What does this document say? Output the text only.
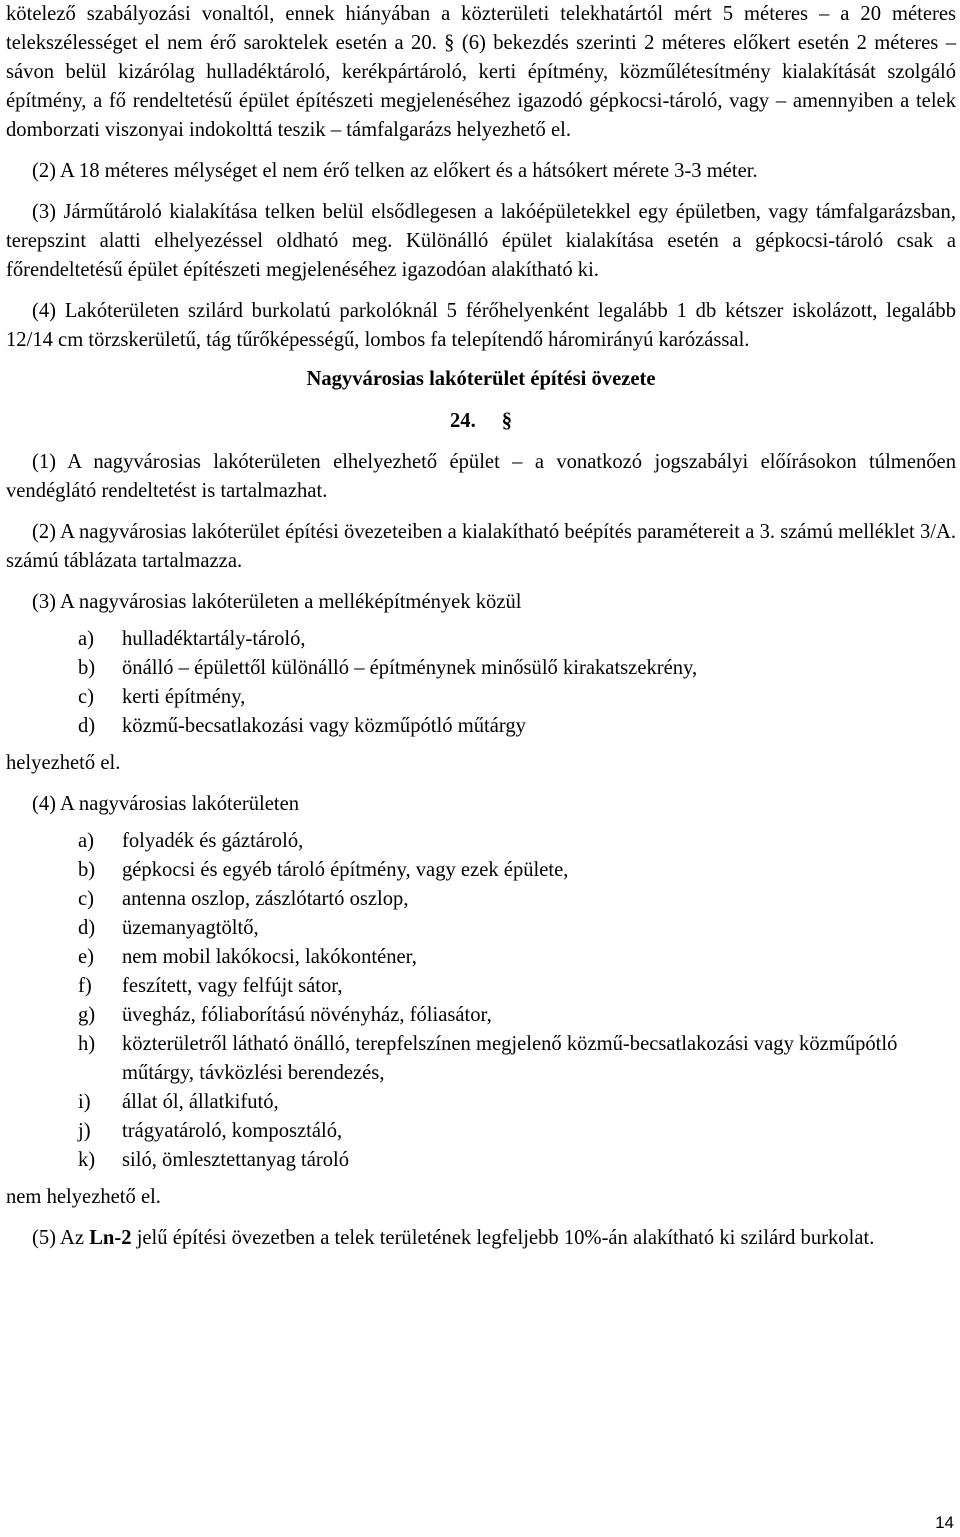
kötelező szabályozási vonaltól, ennek hiányában a közterületi telekhatártól mért 5 méteres – a 20 méteres telekszélességet el nem érő saroktelek esetén a 20. § (6) bekezdés szerinti 2 méteres előkert esetén 2 méteres – sávon belül kizárólag hulladéktároló, kerékpártároló, kerti építmény, közműlétesítmény kialakítását szolgáló építmény, a fő rendeltetésű épület építészeti megjelenéséhez igazodó gépkocsi-tároló, vagy – amennyiben a telek domborzati viszonyai indokolttá teszik – támfalgarázs helyezhető el.

(2) A 18 méteres mélységet el nem érő telken az előkert és a hátsókert mérete 3-3 méter.

(3) Járműtároló kialakítása telken belül elsődlegesen a lakóépületekkel egy épületben, vagy támfalgarázsban, terepszint alatti elhelyezéssel oldható meg. Különálló épület kialakítása esetén a gépkocsi-tároló csak a főrendeltetésű épület építészeti megjelenéséhez igazodóan alakítható ki.

(4) Lakóterületen szilárd burkolatú parkolóknál 5 férőhelyenként legalább 1 db kétszer iskolázott, legalább 12/14 cm törzskerületű, tág tűrőképességű, lombos fa telepítendő háromirányú karózással.

Nagyvárosias lakóterület építési övezete

24. §

(1) A nagyvárosias lakóterületen elhelyezhető épület – a vonatkozó jogszabályi előírásokon túlmenően vendéglátó rendeltetést is tartalmazhat.

(2) A nagyvárosias lakóterület építési övezeteiben a kialakítható beépítés paramétereit a 3. számú melléklet 3/A. számú táblázata tartalmazza.

(3) A nagyvárosias lakóterületen a melléképítmények közül

a)	hulladéktartály-tároló,
b)	önálló – épülettől különálló – építménynek minősülő kirakatszekrény,
c)	kerti építmény,
d)	közmű-becsatlakozási vagy közműpótló műtárgy

helyezhető el.

(4) A nagyvárosias lakóterületen

a)	folyadék és gáztároló,
b)	gépkocsi és egyéb tároló építmény, vagy ezek épülete,
c)	antenna oszlop, zászlótartó oszlop,
d)	üzemanyagtöltő,
e)	nem mobil lakókocsi, lakókonténer,
f)	feszített, vagy felfújt sátor,
g)	üvegház, fóliaborítású növényház, fóliasátor,
h)	közterületről látható önálló, terepfelszínen megjelenő közmű-becsatlakozási vagy közműpótló műtárgy, távközlési berendezés,
i)	állat ól, állatkifutó,
j)	trágyatároló, komposztáló,
k)	siló, ömlesztettanyag tároló

nem helyezhető el.

(5) Az Ln-2 jelű építési övezetben a telek területének legfeljebb 10%-án alakítható ki szilárd burkolat.

14
